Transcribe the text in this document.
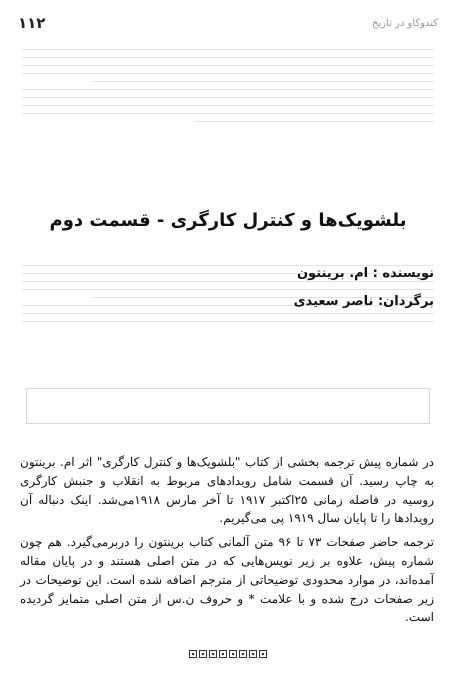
۱۱۲	کندوکاو در تاریخ
بلشویک‌ها و کنترل کارگری - قسمت دوم
نویسنده : ام. برینتون
برگردان: ناصر سعیدی

در شماره پیش ترجمه بخشی از کتاب "بلشویک‌ها و کنترل کارگری" اثر ام. برینتون به چاپ رسید. آن قسمت شامل رویدادهای مربوط به انقلاب و جنبش کارگری روسیه در فاصله زمانی ۲۵اکتبر ۱۹۱۷ تا آخر مارس ۱۹۱۸می‌شد. اینک دنباله آن رویدادها را تا پایان سال ۱۹۱۹ پی می‌گیریم.

ترجمه حاضر صفحات ۷۳ تا ۹۶ متن آلمانی کتاب برینتون را دربرمی‌گیرد. هم چون شماره پیش، علاوه بر زیر نویس‌هایی که در متن اصلی هستند و در پایان مقاله آمده‌اند، در موارد محدودی توضیحاتی از مترجم اضافه شده است. این توضیحات در زیر صفحات درج شده و با علامت * و حروف ن.س از متن اصلی متمایز گردیده است.
